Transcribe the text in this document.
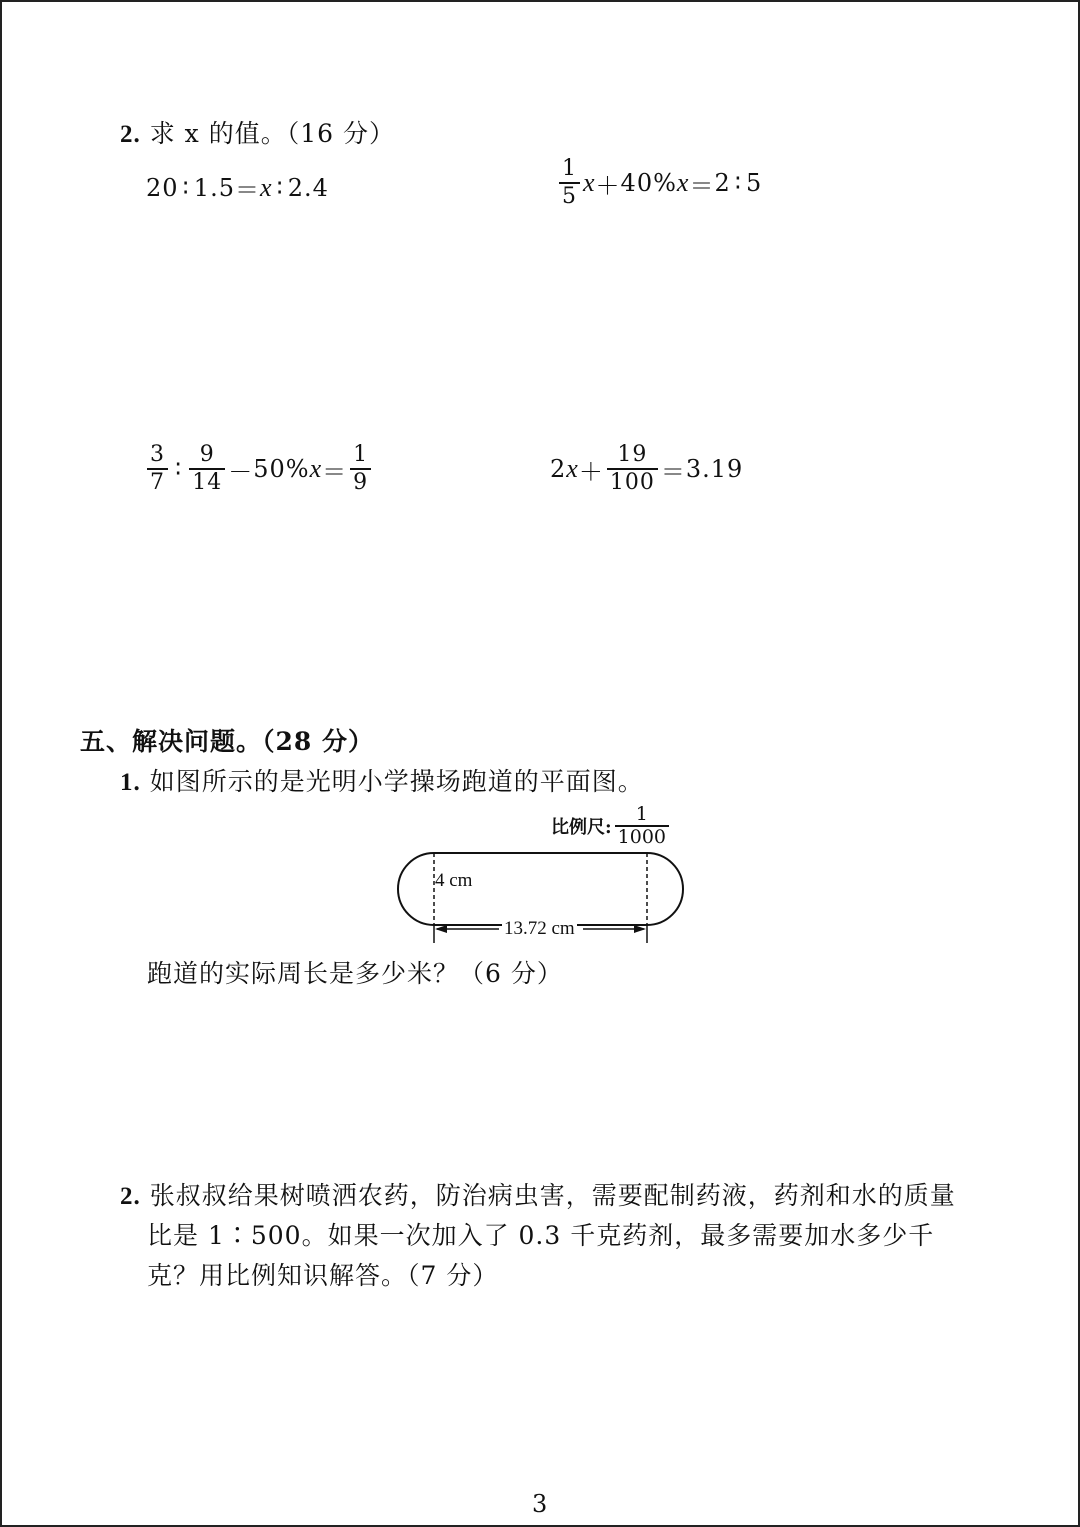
2. 求 x 的值。（16 分）
20 ∶ 1.5 ＝ x ∶ 2.4	$\frac{1}{5}$ x ＋ 40% x ＝ 2 ∶ 5
$\frac{3}{7}$ ∶ $\frac{9}{14} - 50\%$ $x = \frac{1}{9}$	2 $x + \frac{19}{100} = 3.19$
五、解决问题。（28 分）
1. 如图所示的是光明小学操场跑道的平面图。
比例尺: $\frac{1}{1000}$
4 cm
13.72 cm
跑道的实际周长是多少米？（6 分）
2. 张叔叔给果树喷洒农药，防治病虫害，需要配制药液，药剂和水的质量
比是 1∶500。如果一次加入了 0.3 千克药剂，最多需要加水多少千
克？用比例知识解答。（7 分）
3
